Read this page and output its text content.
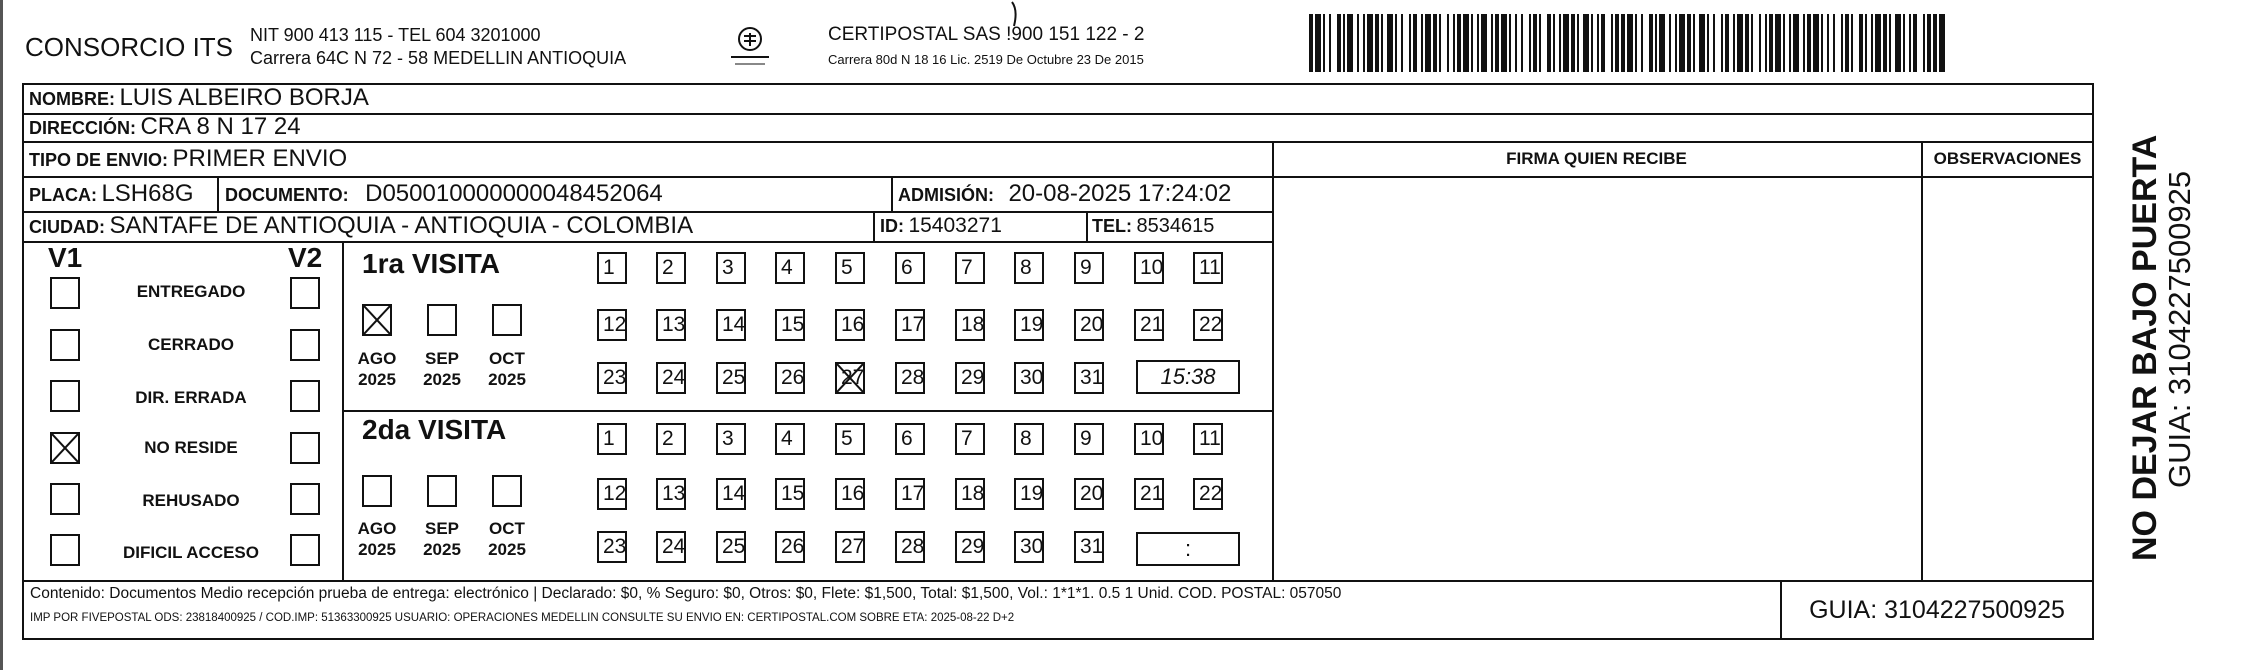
CONSORCIO ITS NIT 900 413 115 - TEL 604 3201000
Carrera 64C N 72 - 58 MEDELLIN ANTIOQUIA
CERTIPOSTAL SAS !900 151 122 - 2
Carrera 80d N 18 16 Lic. 2519 De Octubre 23 De 2015
NOMBRE: LUIS ALBEIRO BORJA
DIRECCIÓN: CRA 8 N 17 24
TIPO DE ENVIO: PRIMER ENVIO	FIRMA QUIEN RECIBE	OBSERVACIONES
PLACA: LSH68G DOCUMENTO: D050010000000048452064	ADMISIÓN: 20-08-2025 17:24:02
CIUDAD: SANTAFE DE ANTIOQUIA - ANTIOQUIA - COLOMBIA	ID: 15403271	TEL: 8534615
V1	V2
ENTREGADO
CERRADO
DIR. ERRADA
NO RESIDE
REHUSADO
DIFICIL ACCESO
1ra VISITA
AGO
2025
SEP
2025
OCT
2025
1	2	3	4	5	6	7	8	9	10 11
12 13 14 15 16 17 18 19 20 21 22
23 24 25 26 27 28 29 30 31	15:38
2da VISITA
AGO
2025
SEP
2025
OCT
2025
1	2	3	4	5	6	7	8	9	10 11
12 13 14 15 16 17 18 19 20 21 22
23 24 25 26 27 28 29 30 31	:
Contenido: Documentos Medio recepción prueba de entrega: electrónico | Declarado: $0, % Seguro: $0, Otros: $0, Flete: $1,500, Total: $1,500, Vol.: 1*1*1. 0.5 1 Unid. COD. POSTAL: 057050
IMP POR FIVEPOSTAL ODS: 23818400925 / COD.IMP: 51363300925 USUARIO: OPERACIONES MEDELLIN CONSULTE SU ENVIO EN: CERTIPOSTAL.COM SOBRE ETA: 2025-08-22 D+2	GUIA: 3104227500925
NO DEJAR BAJO PUERTA
GUIA: 3104227500925
